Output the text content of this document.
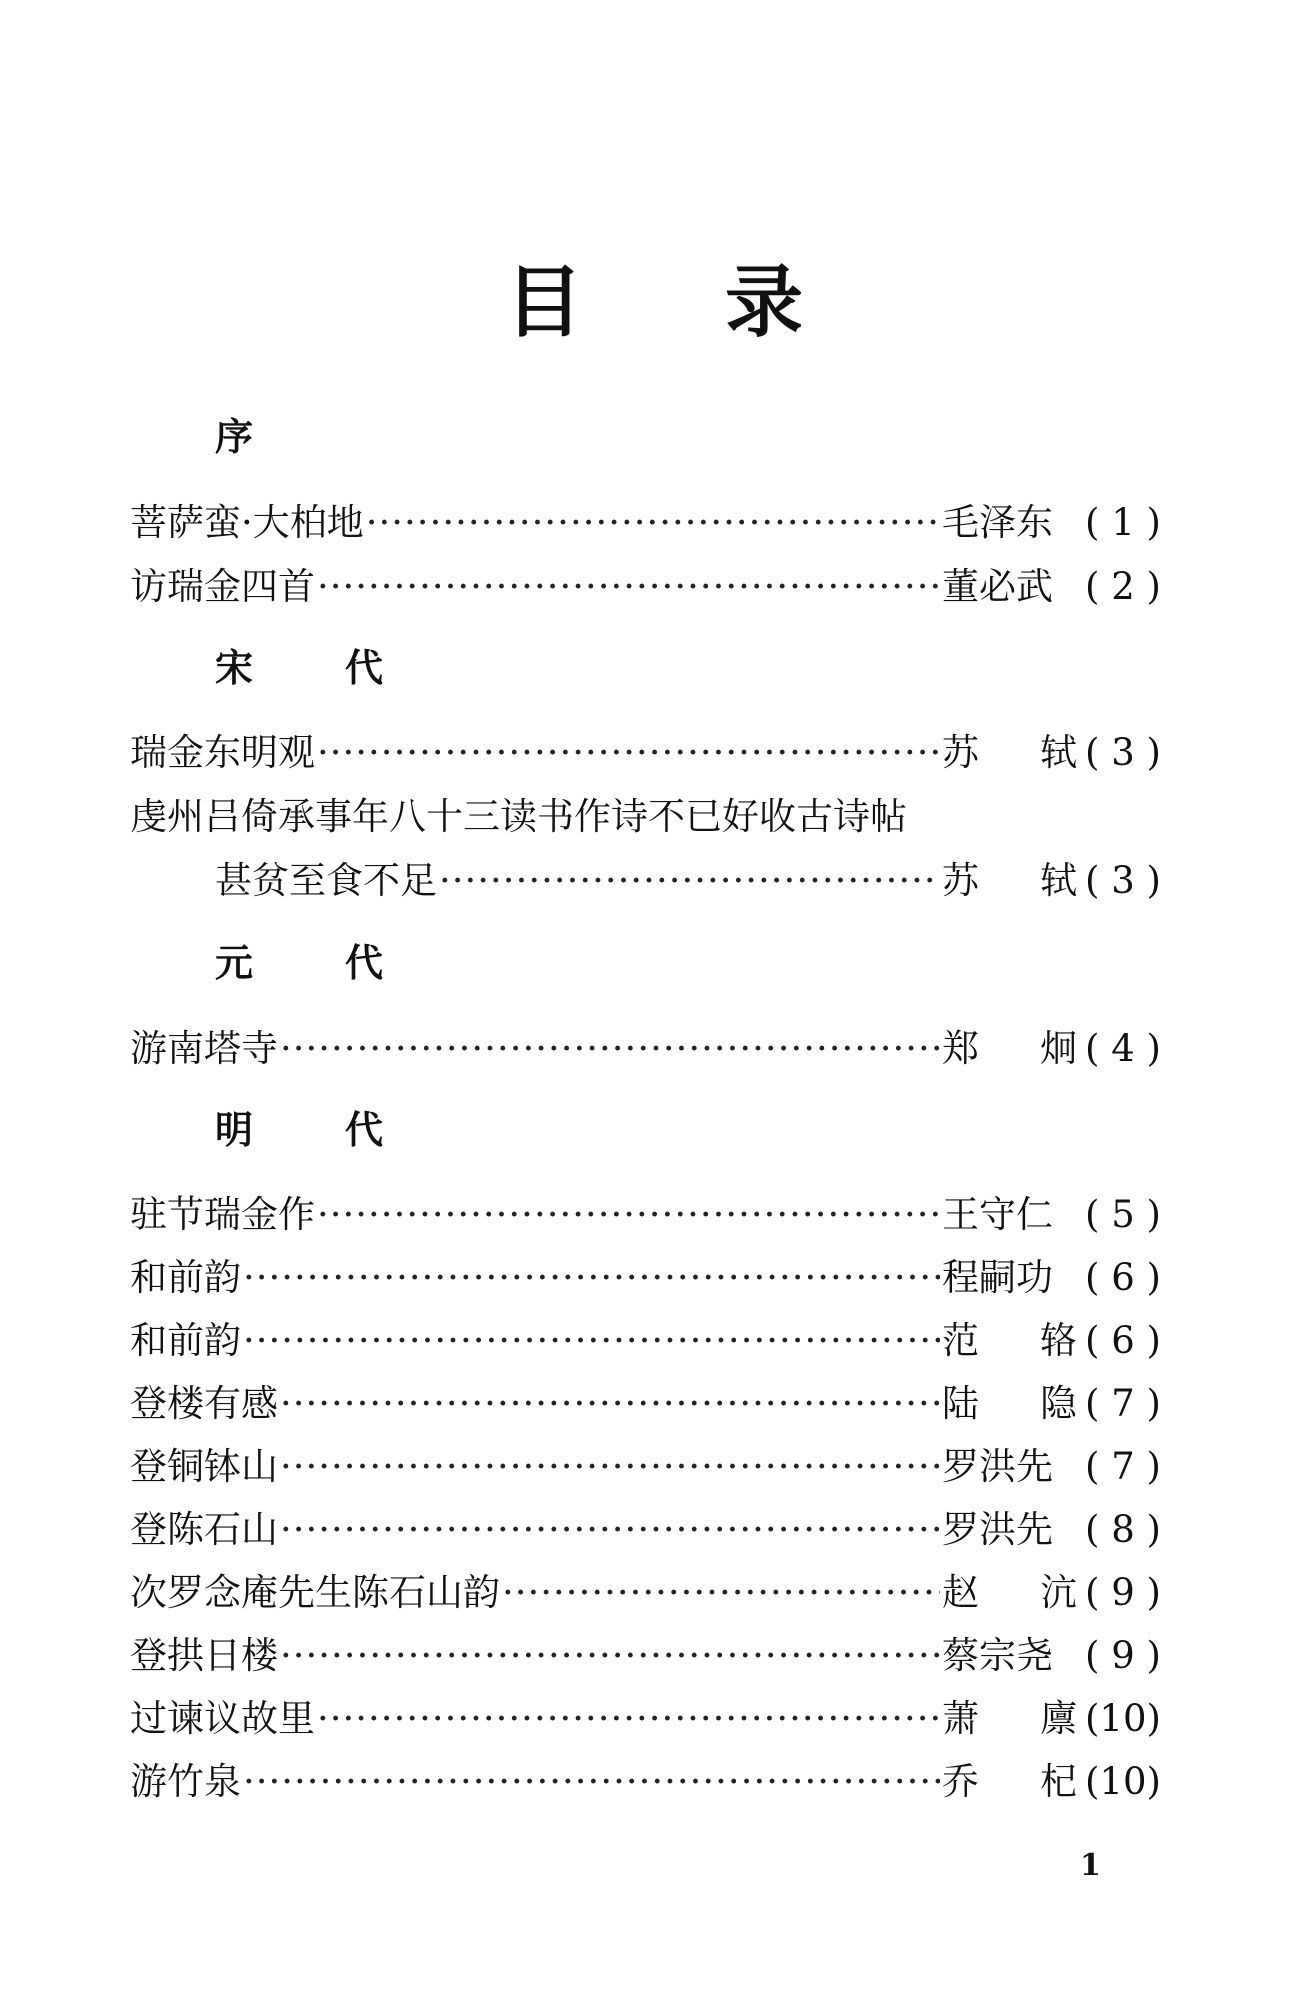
目 录
序
菩萨蛮·大柏地 ·····	毛泽东 ( 1 )
访瑞金四首 ·····	董必武 ( 2 )
宋 代
瑞金东明观 ·····	苏 轼 ( 3 )
虔州吕倚承事年八十三读书作诗不已好收古诗帖
甚贫至食不足 ·····	苏 轼 ( 3 )
元 代
游南塔寺 ·····	郑 炯 ( 4 )
明 代
驻节瑞金作 ·····	王守仁 ( 5 )
和前韵 ·····	程嗣功 ( 6 )
和前韵 ·····	范 辂 ( 6 )
登楼有感 ·····	陆 隐 ( 7 )
登铜钵山 ·····	罗洪先 ( 7 )
登陈石山 ·····	罗洪先 ( 8 )
次罗念庵先生陈石山韵 ·····	赵 沆 ( 9 )
登拱日楼 ·····	蔡宗尧 ( 9 )
过谏议故里 ·····	萧 廪 (10)
游竹泉 ·····	乔 杞 (10)
1
